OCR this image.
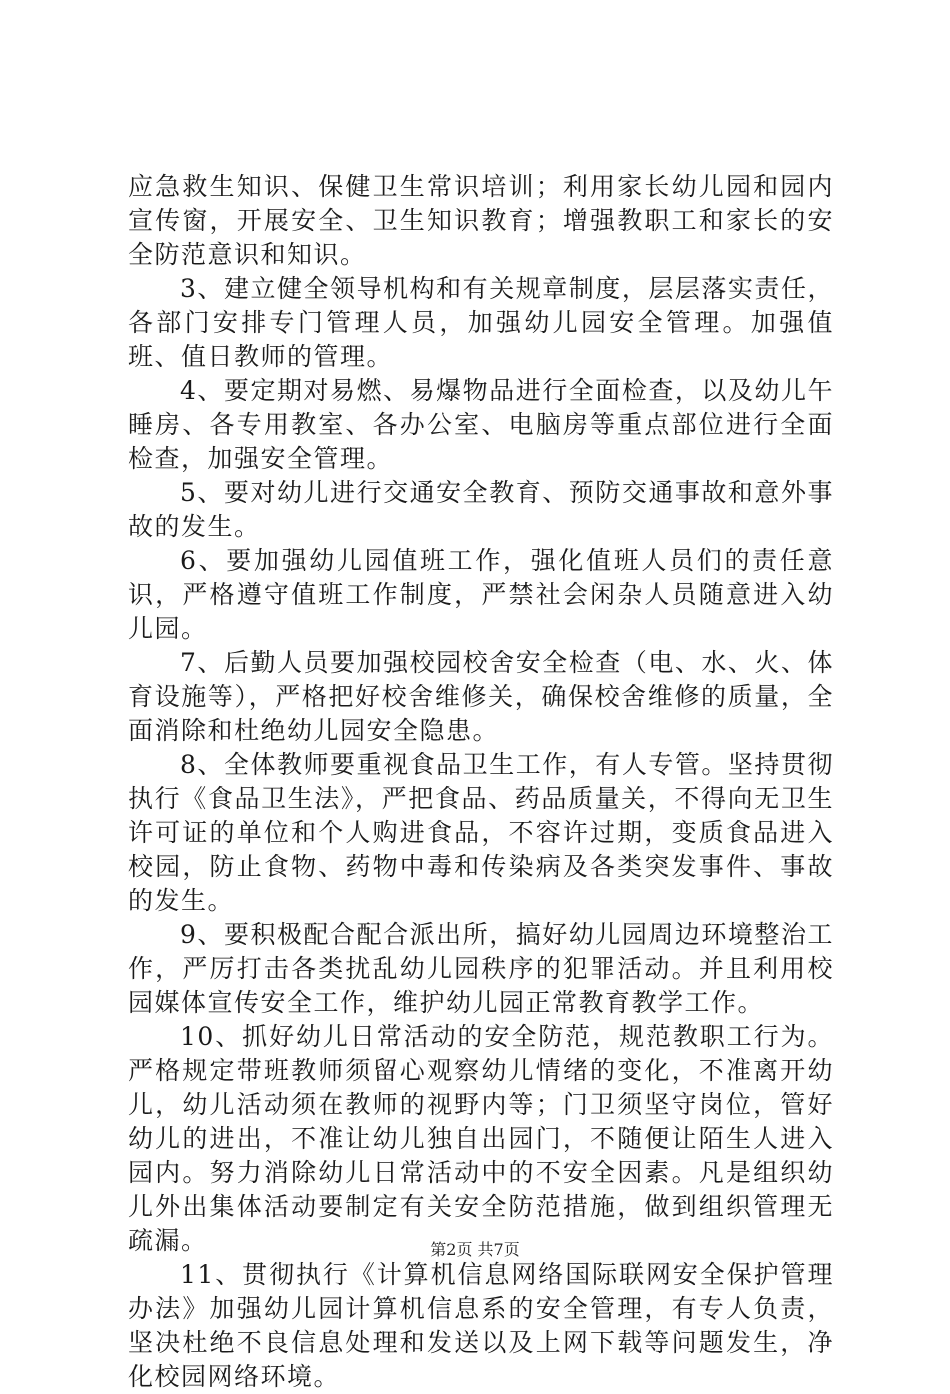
应急救生知识、保健卫生常识培训；利用家长幼儿园和园内宣传窗，开展安全、卫生知识教育；增强教职工和家长的安全防范意识和知识。

3、建立健全领导机构和有关规章制度，层层落实责任，各部门安排专门管理人员，加强幼儿园安全管理。加强值班、值日教师的管理。

4、要定期对易燃、易爆物品进行全面检查，以及幼儿午睡房、各专用教室、各办公室、电脑房等重点部位进行全面检查，加强安全管理。

5、要对幼儿进行交通安全教育、预防交通事故和意外事故的发生。

6、要加强幼儿园值班工作，强化值班人员们的责任意识，严格遵守值班工作制度，严禁社会闲杂人员随意进入幼儿园。

7、后勤人员要加强校园校舍安全检查（电、水、火、体育设施等），严格把好校舍维修关，确保校舍维修的质量，全面消除和杜绝幼儿园安全隐患。

8、全体教师要重视食品卫生工作，有人专管。坚持贯彻执行《食品卫生法》，严把食品、药品质量关，不得向无卫生许可证的单位和个人购进食品，不容许过期，变质食品进入校园，防止食物、药物中毒和传染病及各类突发事件、事故的发生。

9、要积极配合配合派出所，搞好幼儿园周边环境整治工作，严厉打击各类扰乱幼儿园秩序的犯罪活动。并且利用校园媒体宣传安全工作，维护幼儿园正常教育教学工作。

10、抓好幼儿日常活动的安全防范，规范教职工行为。严格规定带班教师须留心观察幼儿情绪的变化，不准离开幼儿，幼儿活动须在教师的视野内等；门卫须坚守岗位，管好幼儿的进出，不准让幼儿独自出园门，不随便让陌生人进入园内。努力消除幼儿日常活动中的不安全因素。凡是组织幼儿外出集体活动要制定有关安全防范措施，做到组织管理无疏漏。

11、贯彻执行《计算机信息网络国际联网安全保护管理办法》加强幼儿园计算机信息系的安全管理，有专人负责，坚决杜绝不良信息处理和发送以及上网下载等问题发生，净化校园网络环境。

第2页 共7页
